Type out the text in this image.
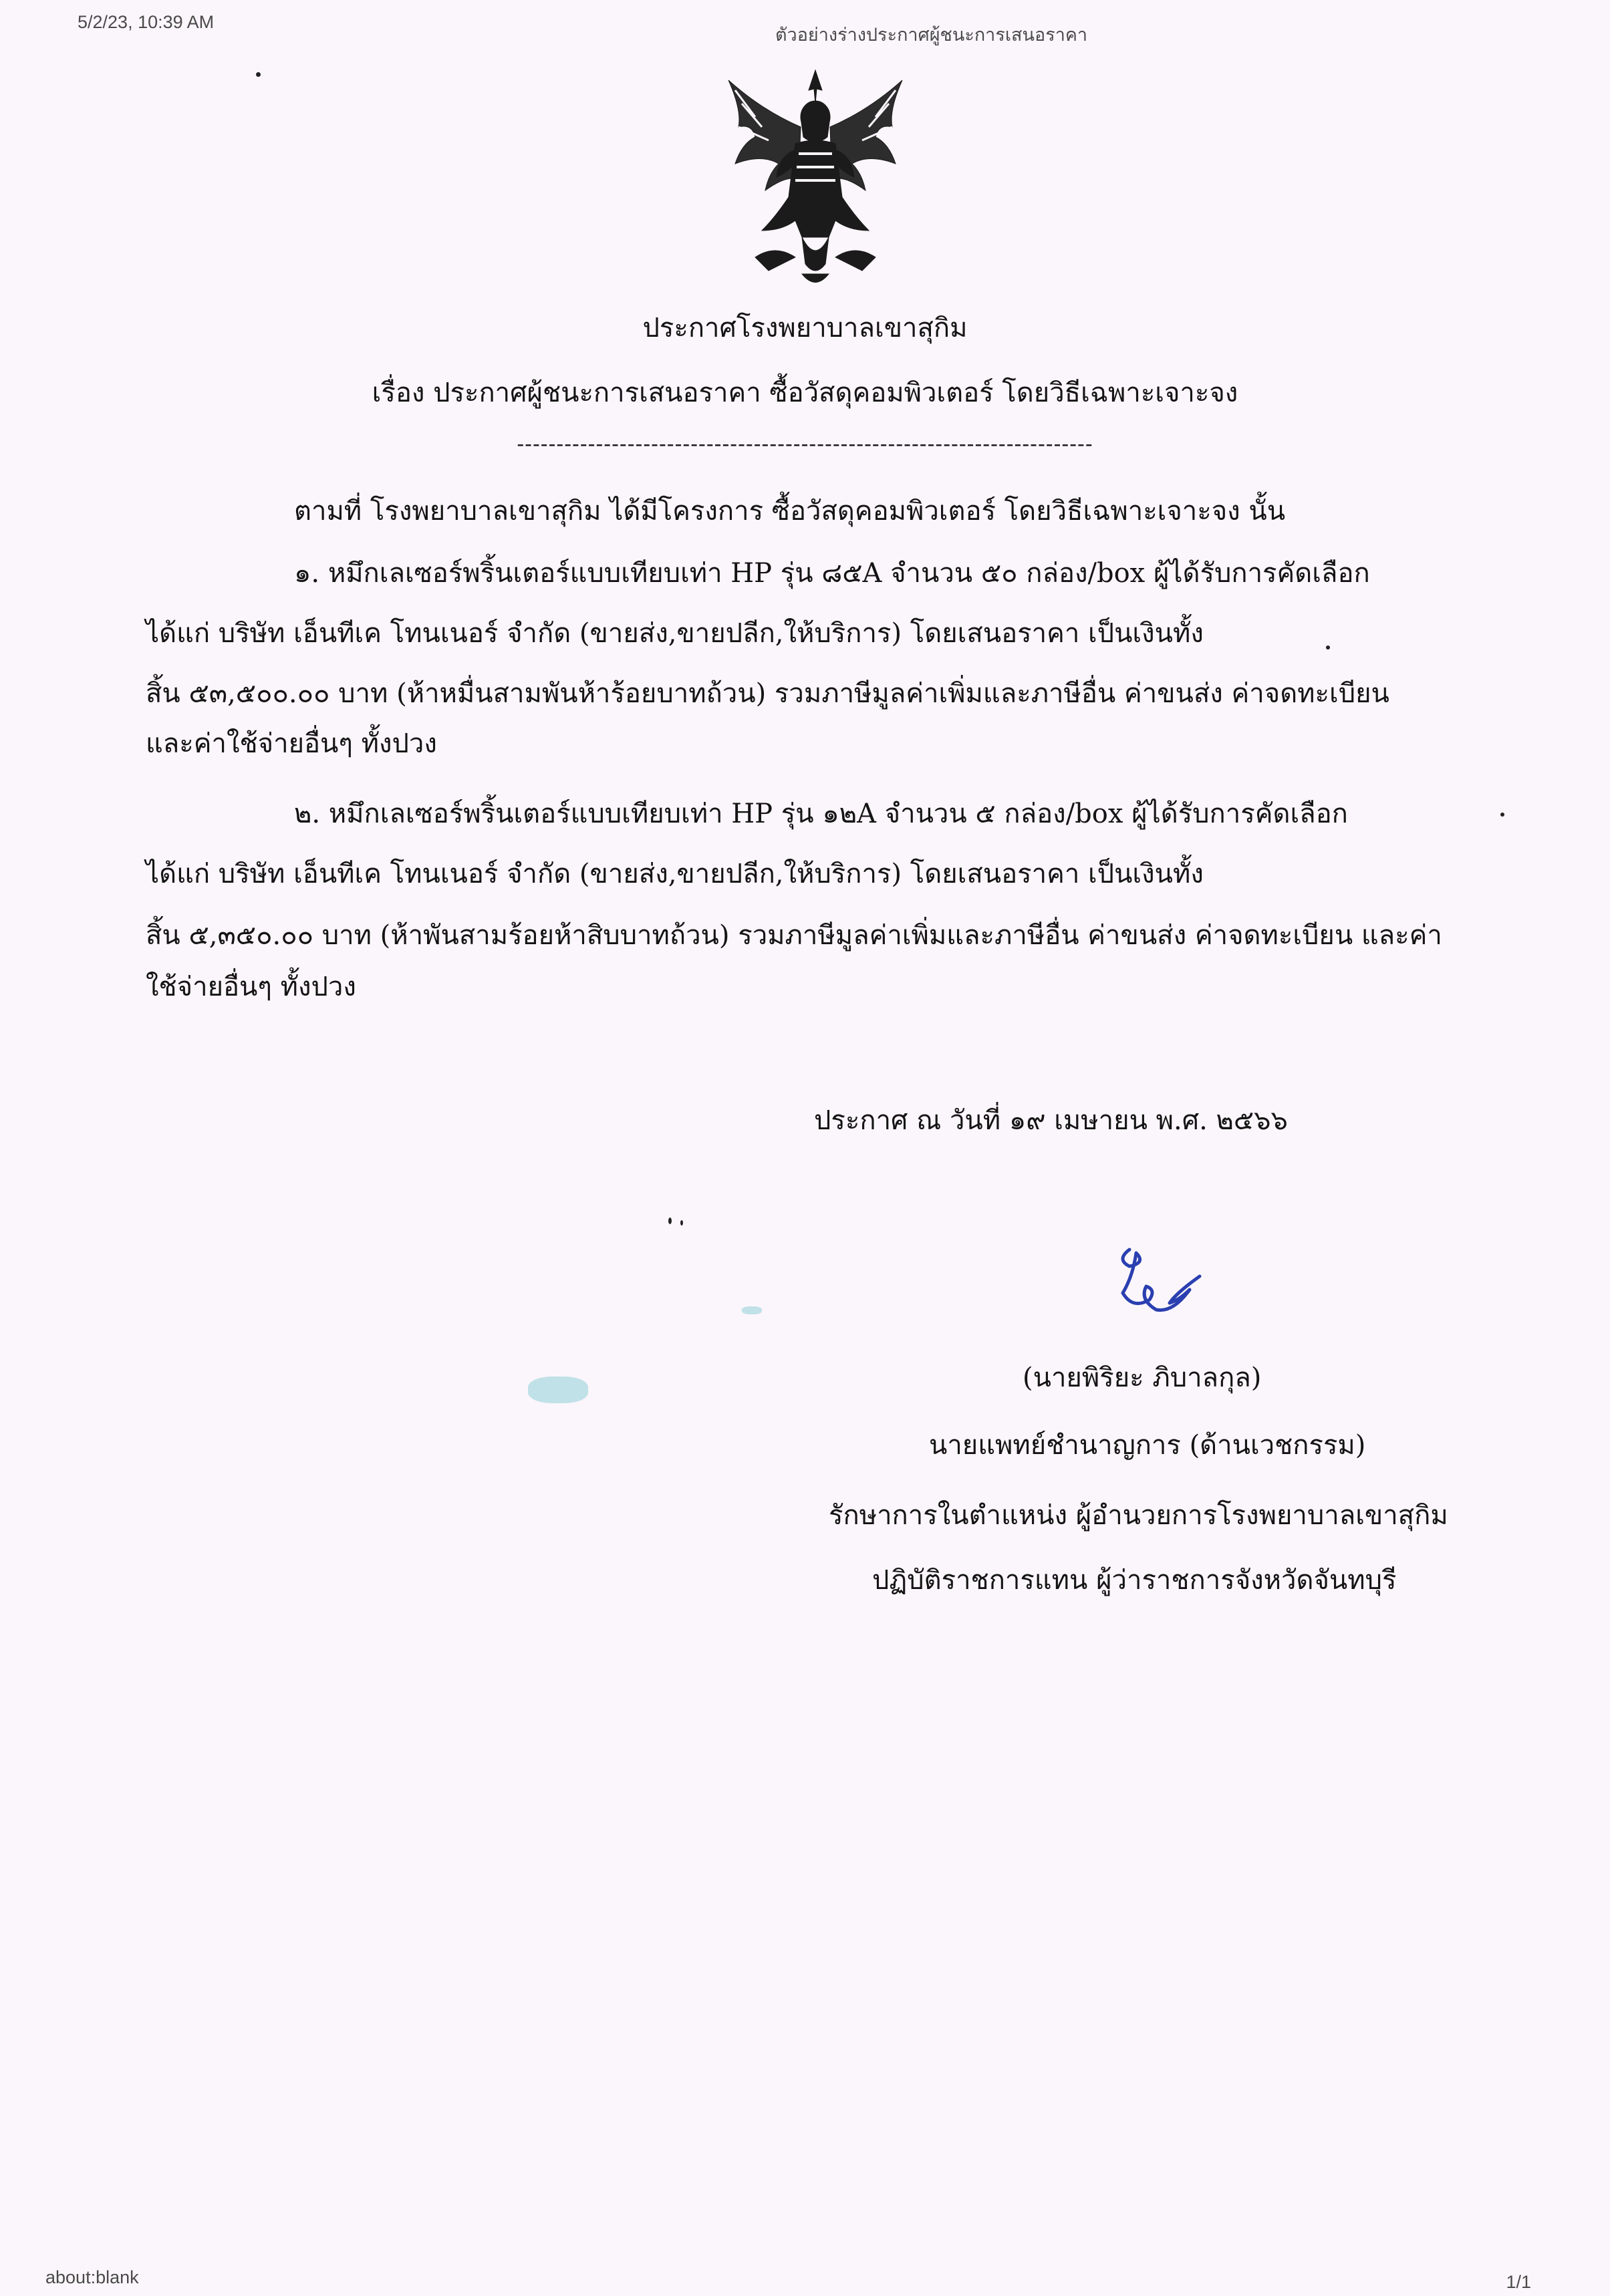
5/2/23, 10:39 AM
ตัวอย่างร่างประกาศผู้ชนะการเสนอราคา
ประกาศโรงพยาบาลเขาสุกิม
เรื่อง ประกาศผู้ชนะการเสนอราคา ซื้อวัสดุคอมพิวเตอร์ โดยวิธีเฉพาะเจาะจง
-------------------------------------------------------------------------
ตามที่ โรงพยาบาลเขาสุกิม ได้มีโครงการ ซื้อวัสดุคอมพิวเตอร์ โดยวิธีเฉพาะเจาะจง นั้น
๑. หมึกเลเซอร์พริ้นเตอร์แบบเทียบเท่า HP รุ่น ๘๕A จำนวน ๕๐ กล่อง/box ผู้ได้รับการคัดเลือก
ได้แก่ บริษัท เอ็นทีเค โทนเนอร์ จำกัด (ขายส่ง,ขายปลีก,ให้บริการ) โดยเสนอราคา เป็นเงินทั้ง
สิ้น ๕๓,๕๐๐.๐๐ บาท (ห้าหมื่นสามพันห้าร้อยบาทถ้วน) รวมภาษีมูลค่าเพิ่มและภาษีอื่น ค่าขนส่ง ค่าจดทะเบียน
และค่าใช้จ่ายอื่นๆ ทั้งปวง
๒. หมึกเลเซอร์พริ้นเตอร์แบบเทียบเท่า HP รุ่น ๑๒A จำนวน ๕ กล่อง/box ผู้ได้รับการคัดเลือก
ได้แก่ บริษัท เอ็นทีเค โทนเนอร์ จำกัด (ขายส่ง,ขายปลีก,ให้บริการ) โดยเสนอราคา เป็นเงินทั้ง
สิ้น ๕,๓๕๐.๐๐ บาท (ห้าพันสามร้อยห้าสิบบาทถ้วน) รวมภาษีมูลค่าเพิ่มและภาษีอื่น ค่าขนส่ง ค่าจดทะเบียน และค่า
ใช้จ่ายอื่นๆ ทั้งปวง
ประกาศ ณ วันที่ ๑๙ เมษายน พ.ศ. ๒๕๖๖
(นายพิริยะ ภิบาลกุล)
นายแพทย์ชำนาญการ (ด้านเวชกรรม)
รักษาการในตำแหน่ง ผู้อำนวยการโรงพยาบาลเขาสุกิม
ปฏิบัติราชการแทน ผู้ว่าราชการจังหวัดจันทบุรี
about:blank	1/1
